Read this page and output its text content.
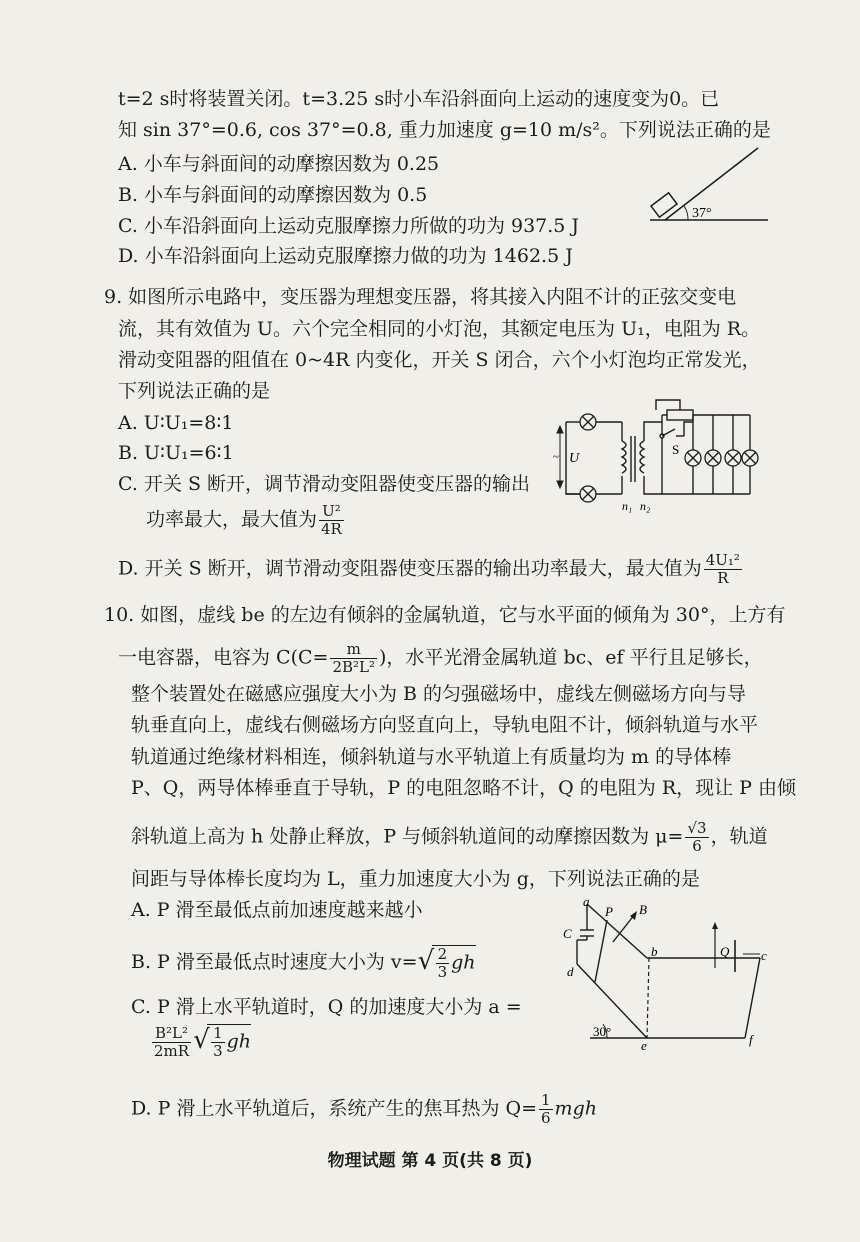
t=2 s时将装置关闭。t=3.25 s时小车沿斜面向上运动的速度变为0。已
知 sin 37°=0.6, cos 37°=0.8, 重力加速度 g=10 m/s²。下列说法正确的是
A. 小车与斜面间的动摩擦因数为 0.25
B. 小车与斜面间的动摩擦因数为 0.5
C. 小车沿斜面向上运动克服摩擦力所做的功为 937.5 J
D. 小车沿斜面向上运动克服摩擦力做的功为 1462.5 J
37°
9. 如图所示电路中，变压器为理想变压器，将其接入内阻不计的正弦交变电
流，其有效值为 U。六个完全相同的小灯泡，其额定电压为 U₁，电阻为 R。
滑动变阻器的阻值在 0~4R 内变化，开关 S 闭合，六个小灯泡均正常发光，
下列说法正确的是
A. U∶U₁=8∶1
B. U∶U₁=6∶1
C. 开关 S 断开，调节滑动变阻器使变压器的输出
功率最大，最大值为 $\frac{\text{U²}}{4R}$
D. 开关 S 断开，调节滑动变阻器使变压器的输出功率最大，最大值为 $\frac{\text{4U₁²}}{R}$
~ U
S
n₁ n₂
10. 如图，虚线 be 的左边有倾斜的金属轨道，它与水平面的倾角为 30°，上方有
一电容器，电容为 $C(C= \frac{m}{\text{2B²L²}}$ )，水平光滑金属轨道 bc、ef 平行且足够长，
整个装置处在磁感应强度大小为 B 的匀强磁场中，虚线左侧磁场方向与导
轨垂直向上，虚线右侧磁场方向竖直向上，导轨电阻不计，倾斜轨道与水平
轨道通过绝缘材料相连，倾斜轨道与水平轨道上有质量均为 m 的导体棒
P、Q，两导体棒垂直于导轨，P 的电阻忽略不计，Q 的电阻为 R，现让 P 由倾
斜轨道上高为 h 处静止释放，P 与倾斜轨道间的动摩擦因数为 $\mu= \frac{√3}{6}$ ，轨道
间距与导体棒长度均为 L，重力加速度大小为 g，下列说法正确的是
A. P 滑至最低点前加速度越来越小
B. P 滑至最低点时速度大小为 v= √ $\frac{2}{3}$ gh
C. P 滑上水平轨道时，Q 的加速度大小为 a =
$\frac{\text{B²L²}}{2mR}$ √ $\frac{1}{3}$ gh
D. P 滑上水平轨道后，系统产生的焦耳热为 $Q= \frac{1}{6}$ mgh
a
P B
C
d
b	Q c
30°
e	f
物理试题 第 4 页(共 8 页)
